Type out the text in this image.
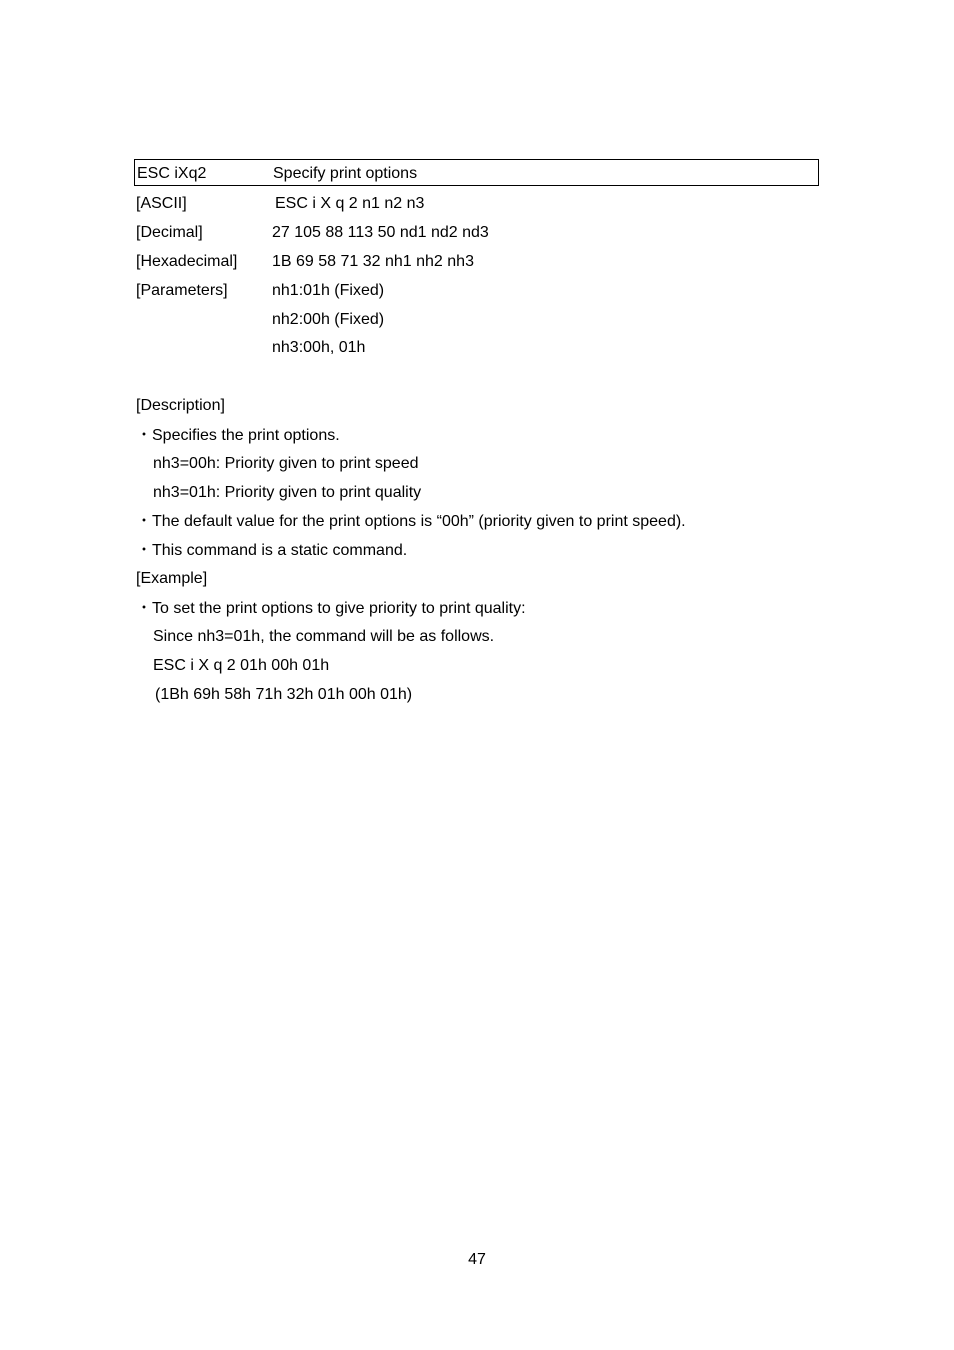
ESC iXq2	Specify print options
[ASCII]	ESC i X q 2 n1 n2 n3
[Decimal]	27 105 88 113 50 nd1 nd2 nd3
[Hexadecimal] 1B 69 58 71 32 nh1 nh2 nh3
[Parameters]	nh1:01h (Fixed)
nh2:00h (Fixed)
nh3:00h, 01h
[Description]
・Specifies the print options.
nh3=00h: Priority given to print speed
nh3=01h: Priority given to print quality
・The default value for the print options is “00h” (priority given to print speed).
・This command is a static command.
[Example]
・To set the print options to give priority to print quality:
Since nh3=01h, the command will be as follows.
ESC i X q 2 01h 00h 01h
(1Bh 69h 58h 71h 32h 01h 00h 01h)
47
